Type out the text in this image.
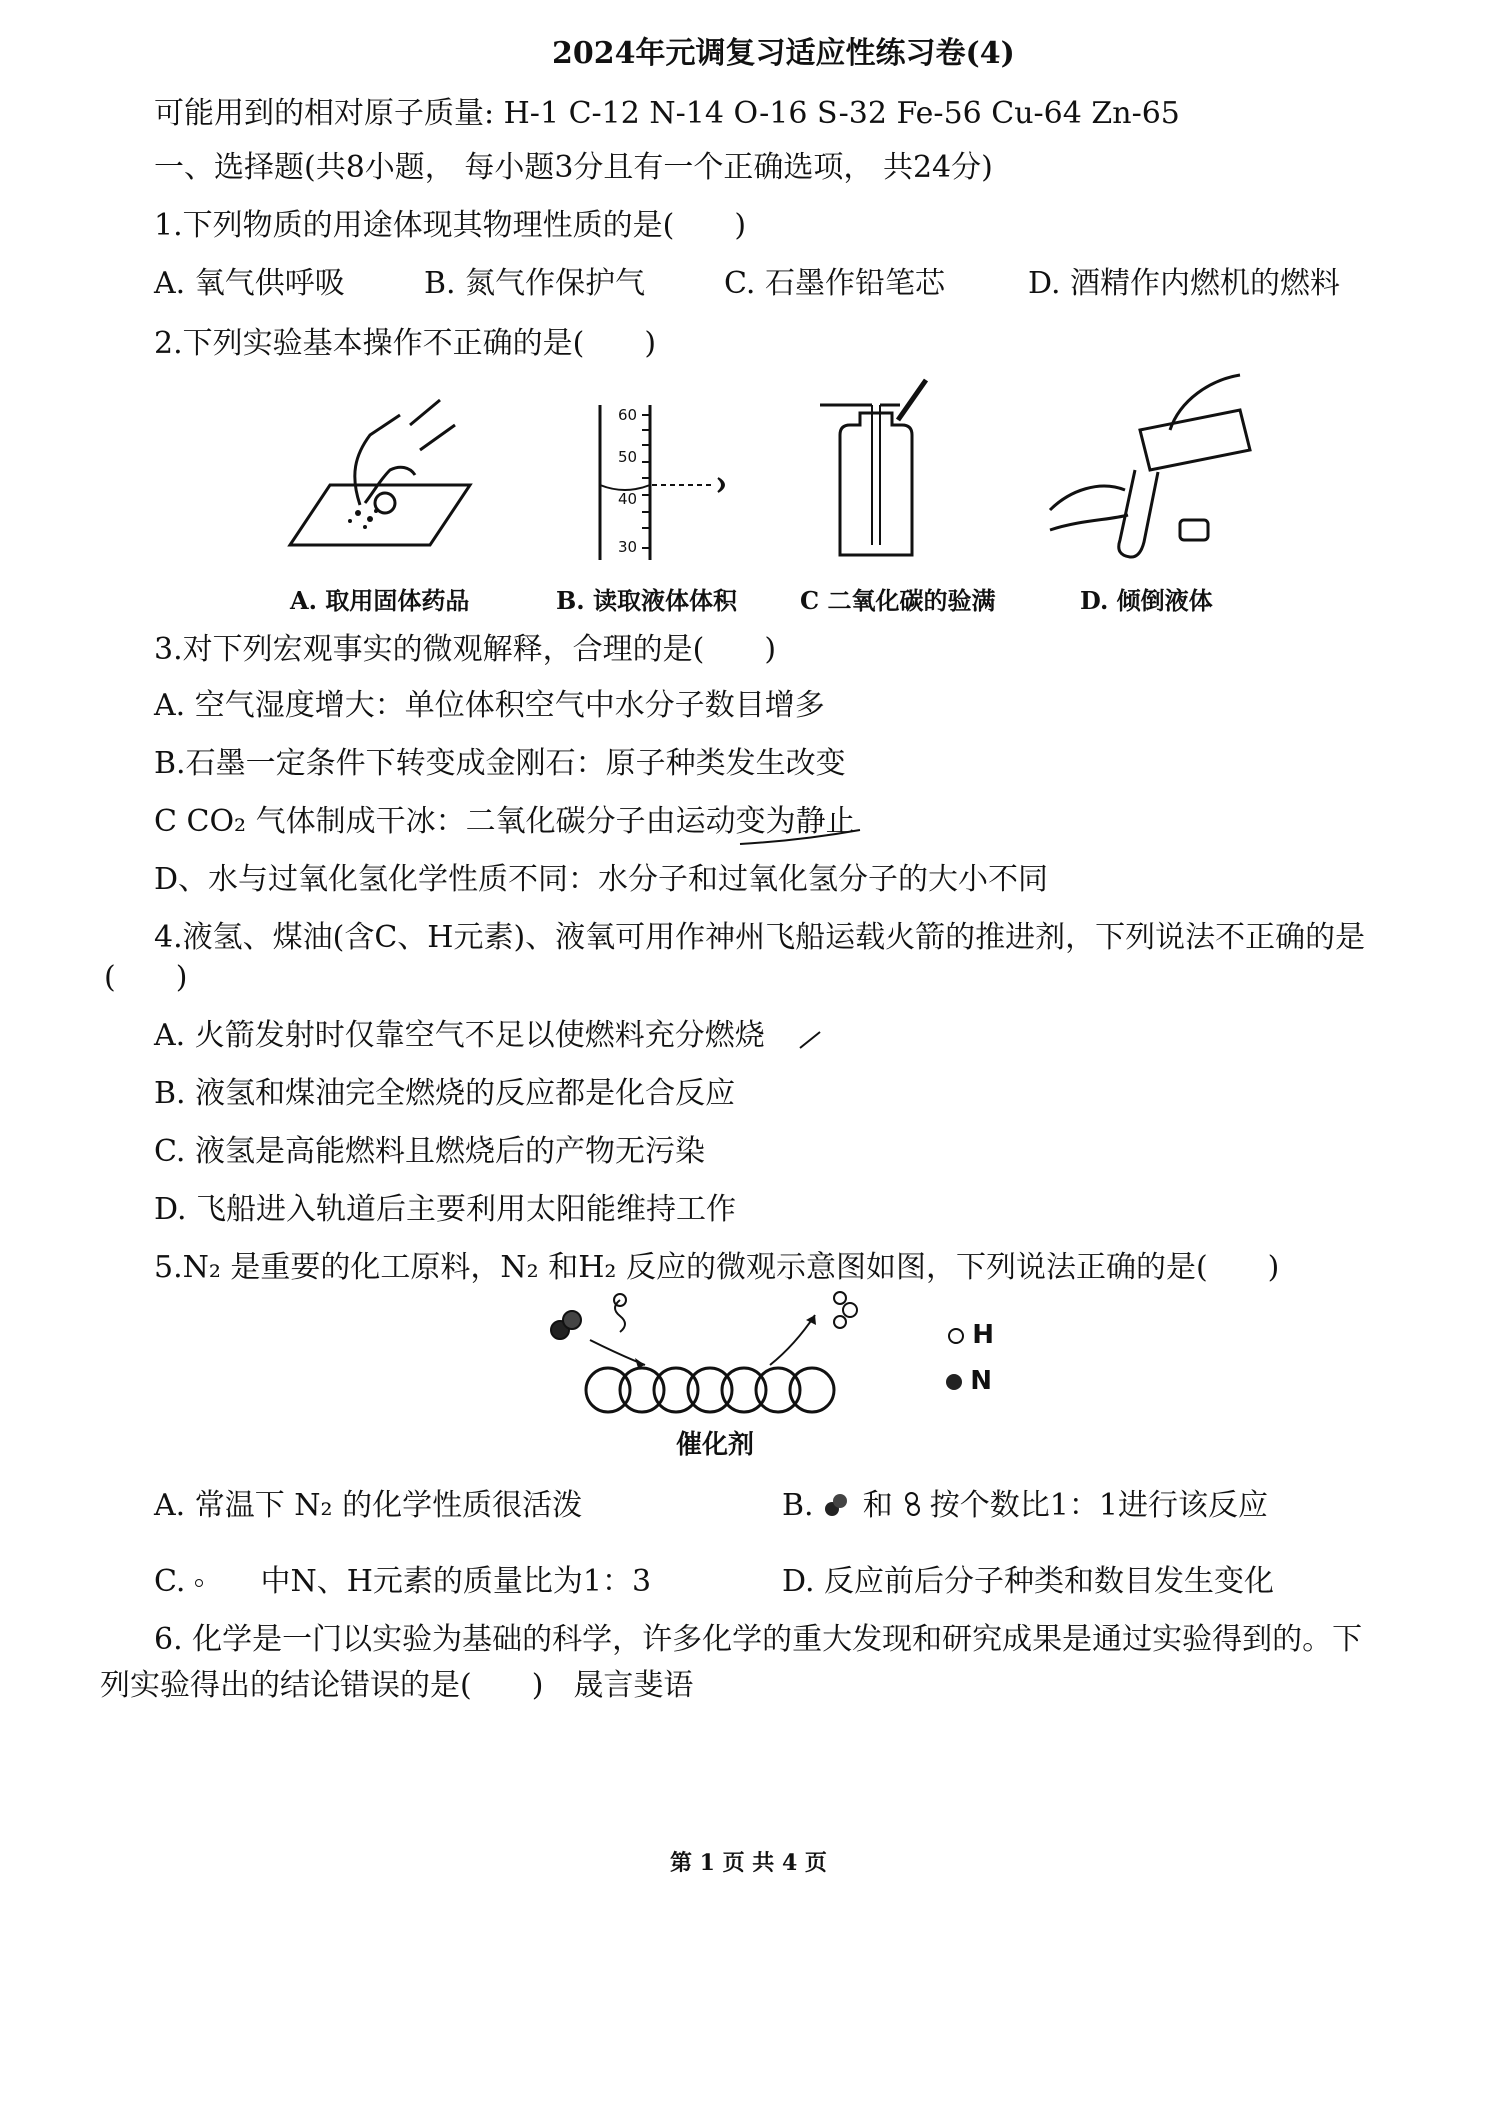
2024年元调复习适应性练习卷(4)
可能用到的相对原子质量: H-1 C-12 N-14 O-16 S-32 Fe-56 Cu-64 Zn-65
一、选择题(共8小题， 每小题3分且有一个正确选项， 共24分)
1.下列物质的用途体现其物理性质的是(　　)
A. 氧气供呼吸	B. 氮气作保护气	C. 石墨作铅笔芯	D. 酒精作内燃机的燃料
2.下列实验基本操作不正确的是(　　)
A. 取用固体药品
60
50
40
30
B. 读取液体体积	C 二氧化碳的验满	D. 倾倒液体
3.对下列宏观事实的微观解释，合理的是(　　)
A. 空气湿度增大：单位体积空气中水分子数目增多
B.石墨一定条件下转变成金刚石：原子种类发生改变
C CO₂ 气体制成干冰：二氧化碳分子由运动变为静止
D、水与过氧化氢化学性质不同：水分子和过氧化氢分子的大小不同
4.液氢、煤油(含C、H元素)、液氧可用作神州飞船运载火箭的推进剂，下列说法不正确的是
(　　)
A. 火箭发射时仅靠空气不足以使燃料充分燃烧
B. 液氢和煤油完全燃烧的反应都是化合反应
C. 液氢是高能燃料且燃烧后的产物无污染
D. 飞船进入轨道后主要利用太阳能维持工作
5.N₂ 是重要的化工原料，N₂ 和H₂ 反应的微观示意图如图，下列说法正确的是(　　)
H
N
催化剂
A. 常温下 N₂ 的化学性质很活泼	B. 和 按个数比1：1进行该反应
C.	中N、H元素的质量比为1：3	D. 反应前后分子种类和数目发生变化
6. 化学是一门以实验为基础的科学，许多化学的重大发现和研究成果是通过实验得到的。下
列实验得出的结论错误的是(　　)　晟言斐语
第 1 页 共 4 页
